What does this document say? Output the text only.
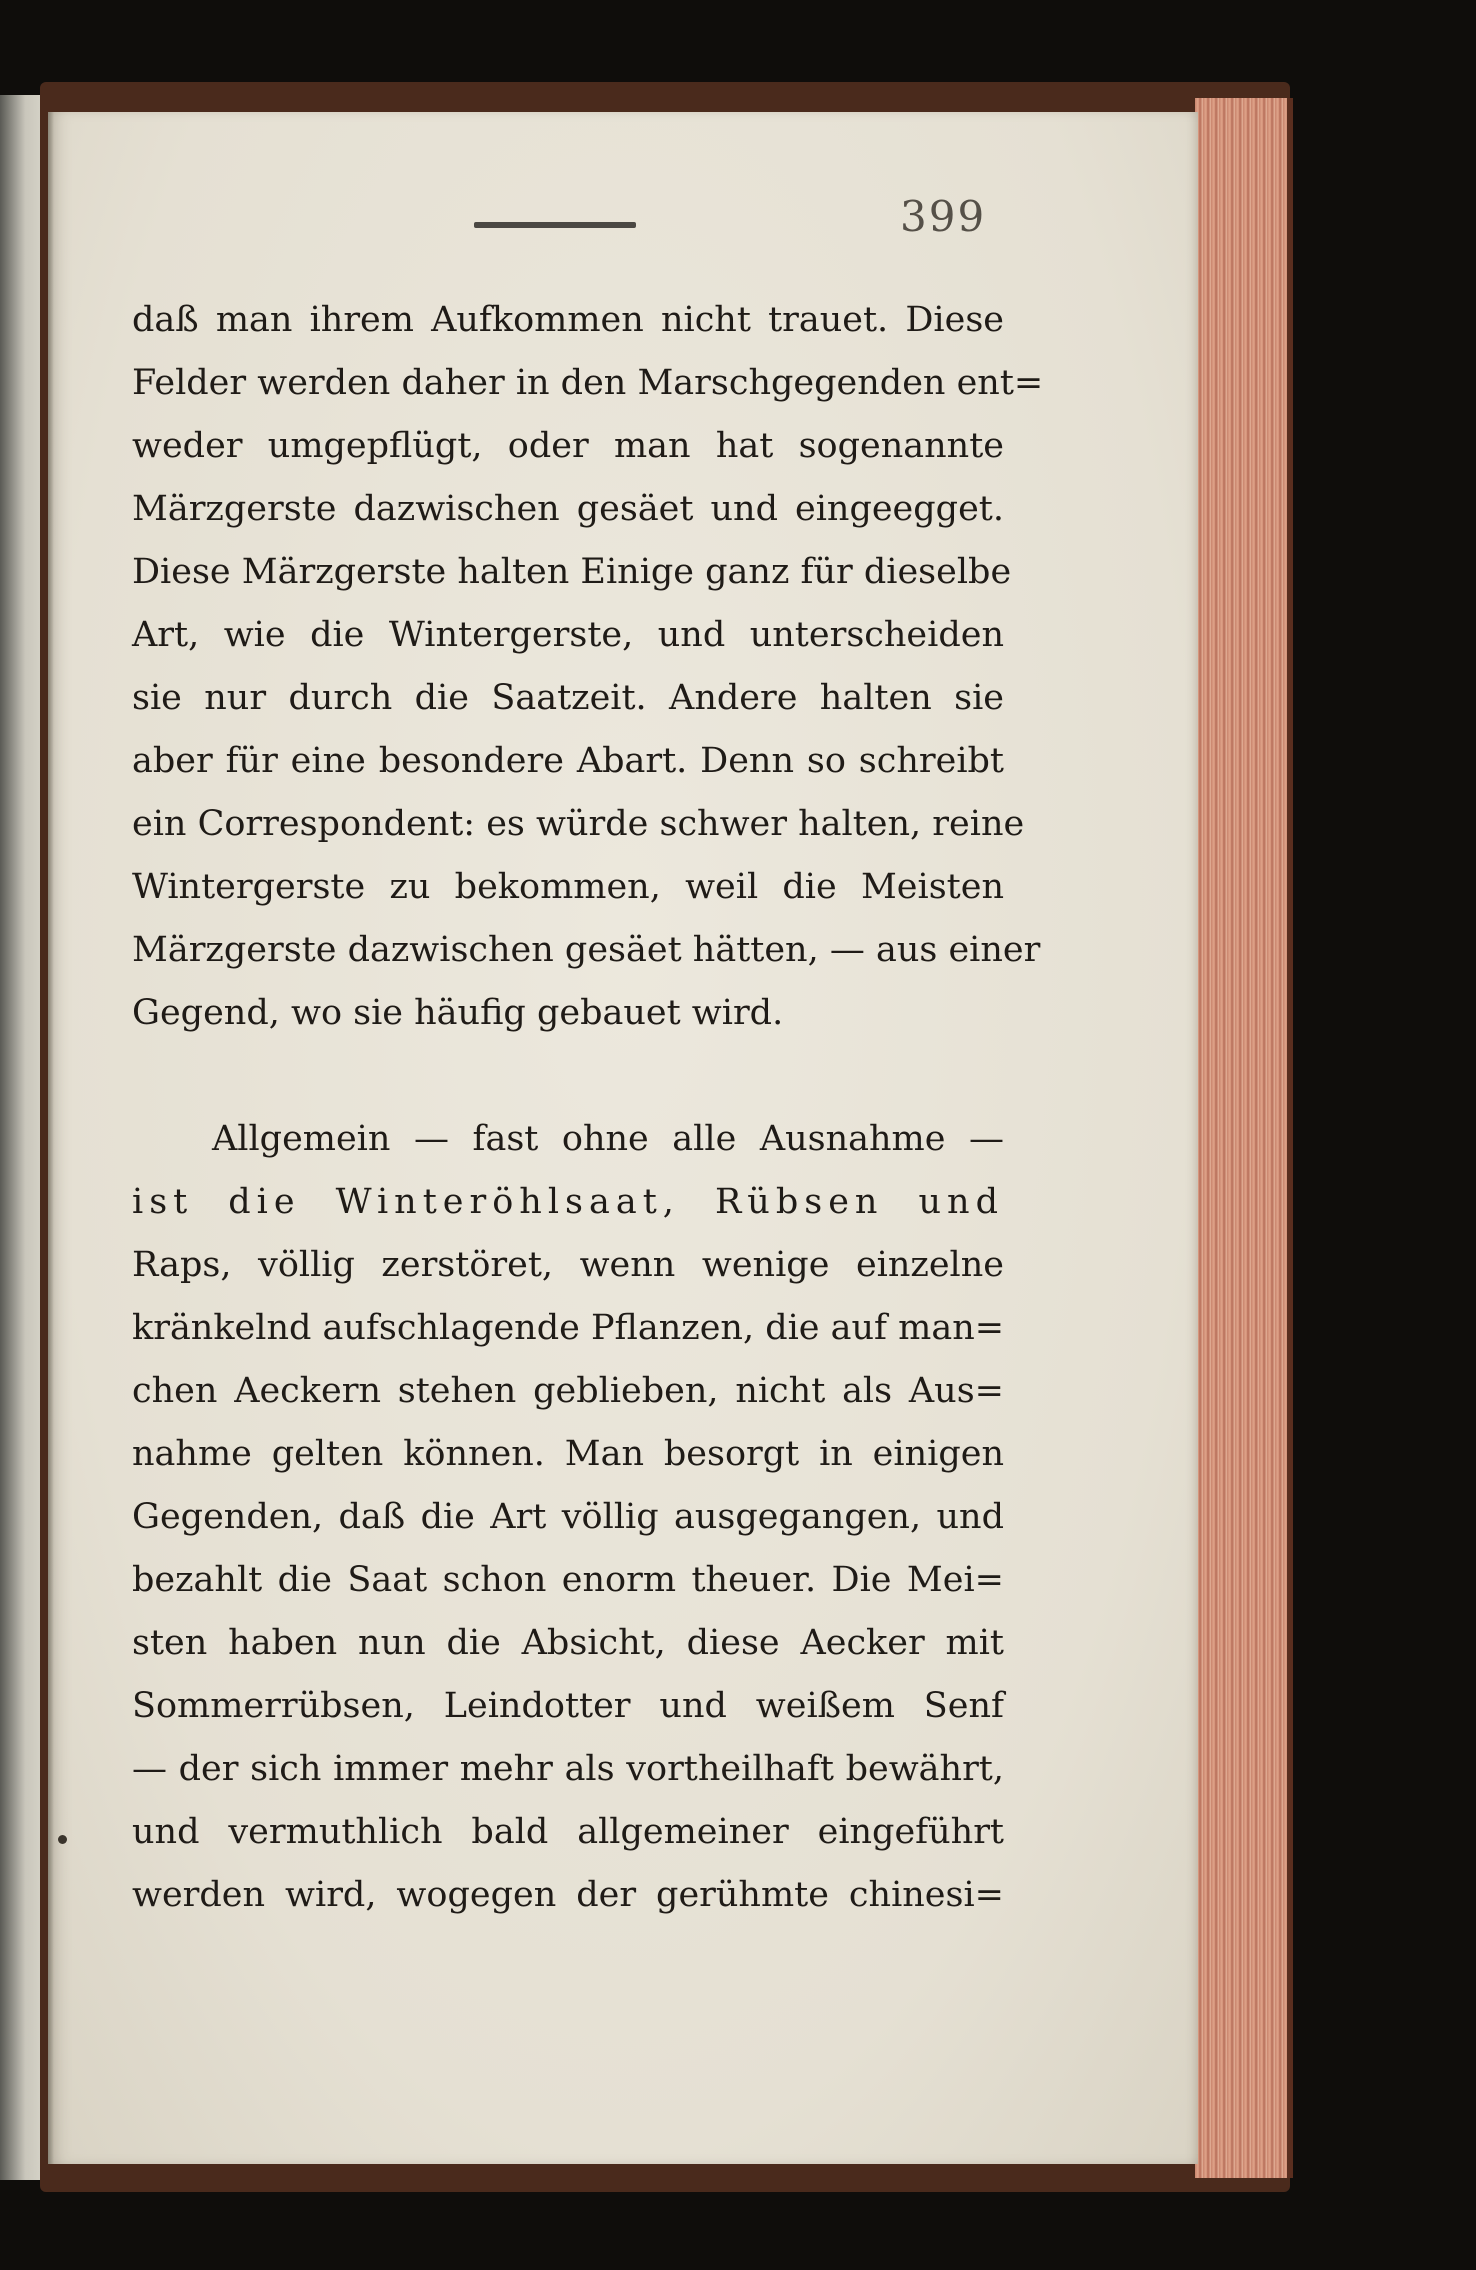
399
daß man ihrem Aufkommen nicht trauet. Diese
Felder werden daher in den Marschgegenden ent=
weder umgepflügt, oder man hat sogenannte
Märzgerste dazwischen gesäet und eingeegget.
Diese Märzgerste halten Einige ganz für dieselbe
Art, wie die Wintergerste, und unterscheiden
sie nur durch die Saatzeit. Andere halten sie
aber für eine besondere Abart. Denn so schreibt
ein Correspondent: es würde schwer halten, reine
Wintergerste zu bekommen, weil die Meisten
Märzgerste dazwischen gesäet hätten, — aus einer
Gegend, wo sie häufig gebauet wird.
Allgemein — fast ohne alle Ausnahme —
ist die Winteröhlsaat, Rübsen und
Raps, völlig zerstöret, wenn wenige einzelne
kränkelnd aufschlagende Pflanzen, die auf man=
chen Aeckern stehen geblieben, nicht als Aus=
nahme gelten können. Man besorgt in einigen
Gegenden, daß die Art völlig ausgegangen, und
bezahlt die Saat schon enorm theuer. Die Mei=
sten haben nun die Absicht, diese Aecker mit
Sommerrübsen, Leindotter und weißem Senf
— der sich immer mehr als vortheilhaft bewährt,
und vermuthlich bald allgemeiner eingeführt
werden wird, wogegen der gerühmte chinesi=
